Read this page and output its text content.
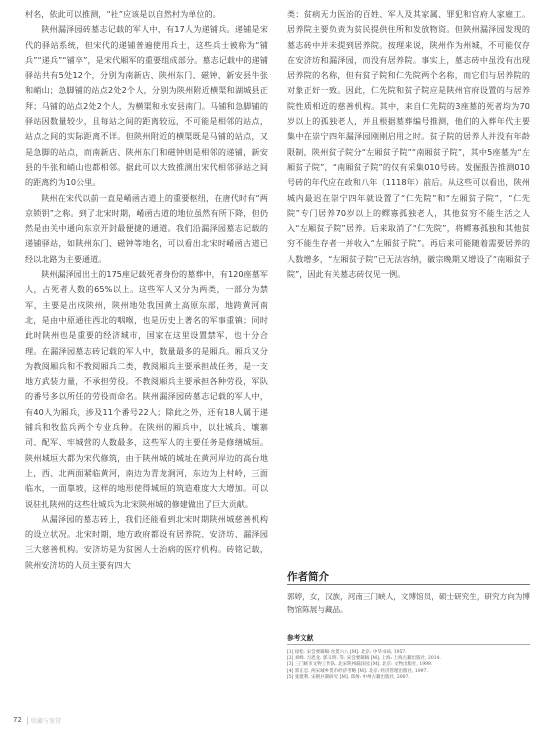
村名，依此可以推测，“社”应该是以自然村为单位的。

陕州漏泽园砖墓志记载的军人中，有17人为递铺兵。递铺是宋代的驿站系统，但宋代的递铺普遍使用兵士，这些兵士被称为“铺兵”“递兵”“铺卒”，是宋代厢军的重要组成部分。墓志记载中的递铺驿站共有5处12个，分别为南新店、陕州东门、磁钟、新安县牛张和峭山；急脚铺的站点2处2个人，分别为陕州附近横渠和湖城县正拜；马铺的站点2处2个人，为横渠和永安县南门。马铺和急脚铺的驿站因数量较少，且每站之间的距离较远，不可能是相邻的站点，站点之间的实际距离不详。但陕州附近的横渠既是马铺的站点，又是急脚的站点，而南新店、陕州东门和磁钟则是相邻的递铺，新安县的牛张和峭山也都相邻。据此可以大致推测出宋代相邻驿站之间的距离约为10公里。

陕州在宋代以前一直是崤函古道上的重要枢纽，在唐代时有“两京锁钥”之称。到了北宋时期，崤函古道的地位虽然有所下降，但仍然是由关中通向东京开封最便捷的通道。我们沿漏泽园墓志记载的递铺驿站，如陕州东门、磁钟等地名，可以看出北宋时崤函古道已经以北路为主要通道。

陕州漏泽园出土的175座记载死者身份的墓葬中，有120座墓军人，占死者人数的65%以上。这些军人又分为两类，一部分为禁军，主要是出戍陕州，陕州地处我国黄土高原东部，地跨黄河南北，是由中原通往西北的咽喉，也是历史上著名的军事重镇；同时此时陕州也是重要的经济城市，国家在这里设置禁军，也十分合理。在漏泽园墓志砖记载的军人中，数量最多的是厢兵。厢兵又分为教阅厢兵和不教阅厢兵二类，教阅厢兵主要承担战任务，是一支地方武装力量，不承担劳役。不教阅厢兵主要承担各种劳役，军队的番号多以所任的劳役而命名。陕州漏泽园砖墓志记载的军人中，有40人为厢兵，涉及11个番号22人；除此之外，还有18人属于递铺兵和牧监兵两个专业兵种。在陕州的厢兵中，以壮城兵、壤寨司、配军、牢城营的人数最多，这些军人的主要任务是修缮城垣。陕州城垣大都为宋代修筑，由于陕州城的城址在黄河岸边的高台地上，西、北两面紧临黄河，南边为青龙涧河，东边为上村岭，三面临水，一面靠坡，这样的地形使得城垣的筑造难度大大增加。可以说驻扎陕州的这些壮城兵为北宋陕州城的修建做出了巨大贡献。

从漏泽园的墓志砖上，我们还能看到北宋时期陕州城慈善机构的设立状况。北宋时期，地方政府都设有居养院、安济坊、漏泽园三大慈善机构。安济坊是为贫困人士治病的医疗机构。砖铭记载，陕州安济坊的人员主要有四大

类：贫病无力医治的百姓、军人及其家属、罪犯和官府人家雇工。居养院主要负责为贫民提供住所和发放物资。但陕州漏泽园发现的墓志砖中并未提到居养院。按理来说，陕州作为州城，不可能仅存在安济坊和漏泽园，而没有居养院。事实上，墓志砖中虽没有出现居养院的名称，但有贫子院和仁先院两个名称，而它们与居养院的对象正好一致。因此，仁先院和贫子院应是陕州官府设置的与居养院性质相近的慈善机构。其中，来自仁先院的3座墓的死者均为70岁以上的孤独老人，并且根据墓葬编号推测，他们的入葬年代主要集中在崇宁四年漏泽园刚刚启用之时。贫子院的居养人并没有年龄限制，陕州贫子院分“左厢贫子院”“南厢贫子院”，其中5座墓为“左厢贫子院”，“南厢贫子院”的仅有采集010号砖。发掘报告推测010号砖的年代应在政和八年（1118年）前后。从这些可以看出，陕州城内最迟在崇宁四年就设置了“仁先院”和“左厢贫子院”，“仁先院”专门居养70岁以上的鳏寡孤独老人，其他贫穷不能生活之人入“左厢贫子院”居养。后来取消了“仁先院”，将鳏寡孤独和其他贫穷不能生存者一并收入“左厢贫子院”。再后来可能随着需要居养的人数增多，“左厢贫子院”已无法容纳，徽宗晚期又增设了“南厢贫子院”，因此有关墓志砖仅见一例。

作者简介

郭婷，女，汉族，河南三门峡人，文博馆员，硕士研究生，研究方向为博物馆陈展与藏品。

参考文献
[1] 徐松. 宋会要辑稿·食货六八 [M]. 北京: 中华书局, 1957.
[2] 刘峰. 习恩龙. 郭义明. 等. 宋会要辑稿 [M]. 上海: 上海古籍出版社, 2014.
[3] 三门峡市文物工作队. 北宋陕州漏泽园 [M]. 北京: 文物出版社, 1999.
[4] 郭正忠. 两宋城乡货币经济考略 [M]. 北京: 经济管理出版社, 1997.
[5] 张建利. 宋朝兵制研究 [M]. 郑州: 中州古籍出版社, 2007.
72 收藏与鉴赏
